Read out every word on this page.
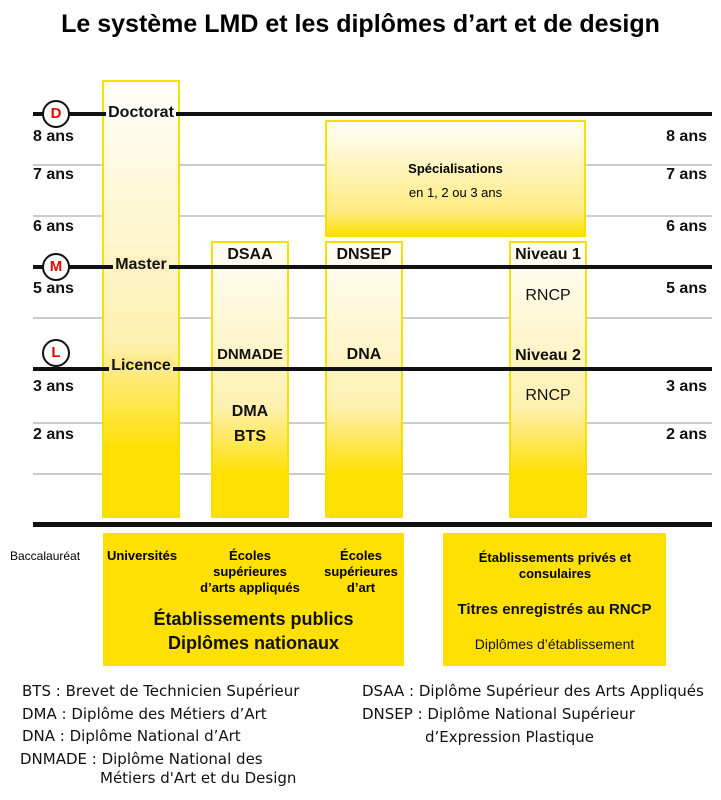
Le système LMD et les diplômes d’art et de design
D
M
L
8 ans
7 ans
6 ans
5 ans
3 ans
2 ans
8 ans
7 ans
6 ans
5 ans
3 ans
2 ans
Doctorat
Master
Licence
DSAA
DNMADE
DMA
BTS
DNSEP
DNA
Niveau 1
RNCP
Niveau 2
RNCP
Spécialisations
en 1, 2 ou 3 ans
Baccalauréat	Universités	Écoles supérieures d’arts appliqués
Écoles supérieures d’art
Établissements publics
Diplômes nationaux
Établissements privés et consulaires
Titres enregistrés au RNCP
Diplômes d’établissement
BTS : Brevet de Technicien Supérieur
DMA : Diplôme des Métiers d’Art
DNA : Diplôme National d’Art
DNMADE : Diplôme National des
Métiers d'Art et du Design
DSAA : Diplôme Supérieur des Arts Appliqués
DNSEP : Diplôme National Supérieur
d’Expression Plastique
